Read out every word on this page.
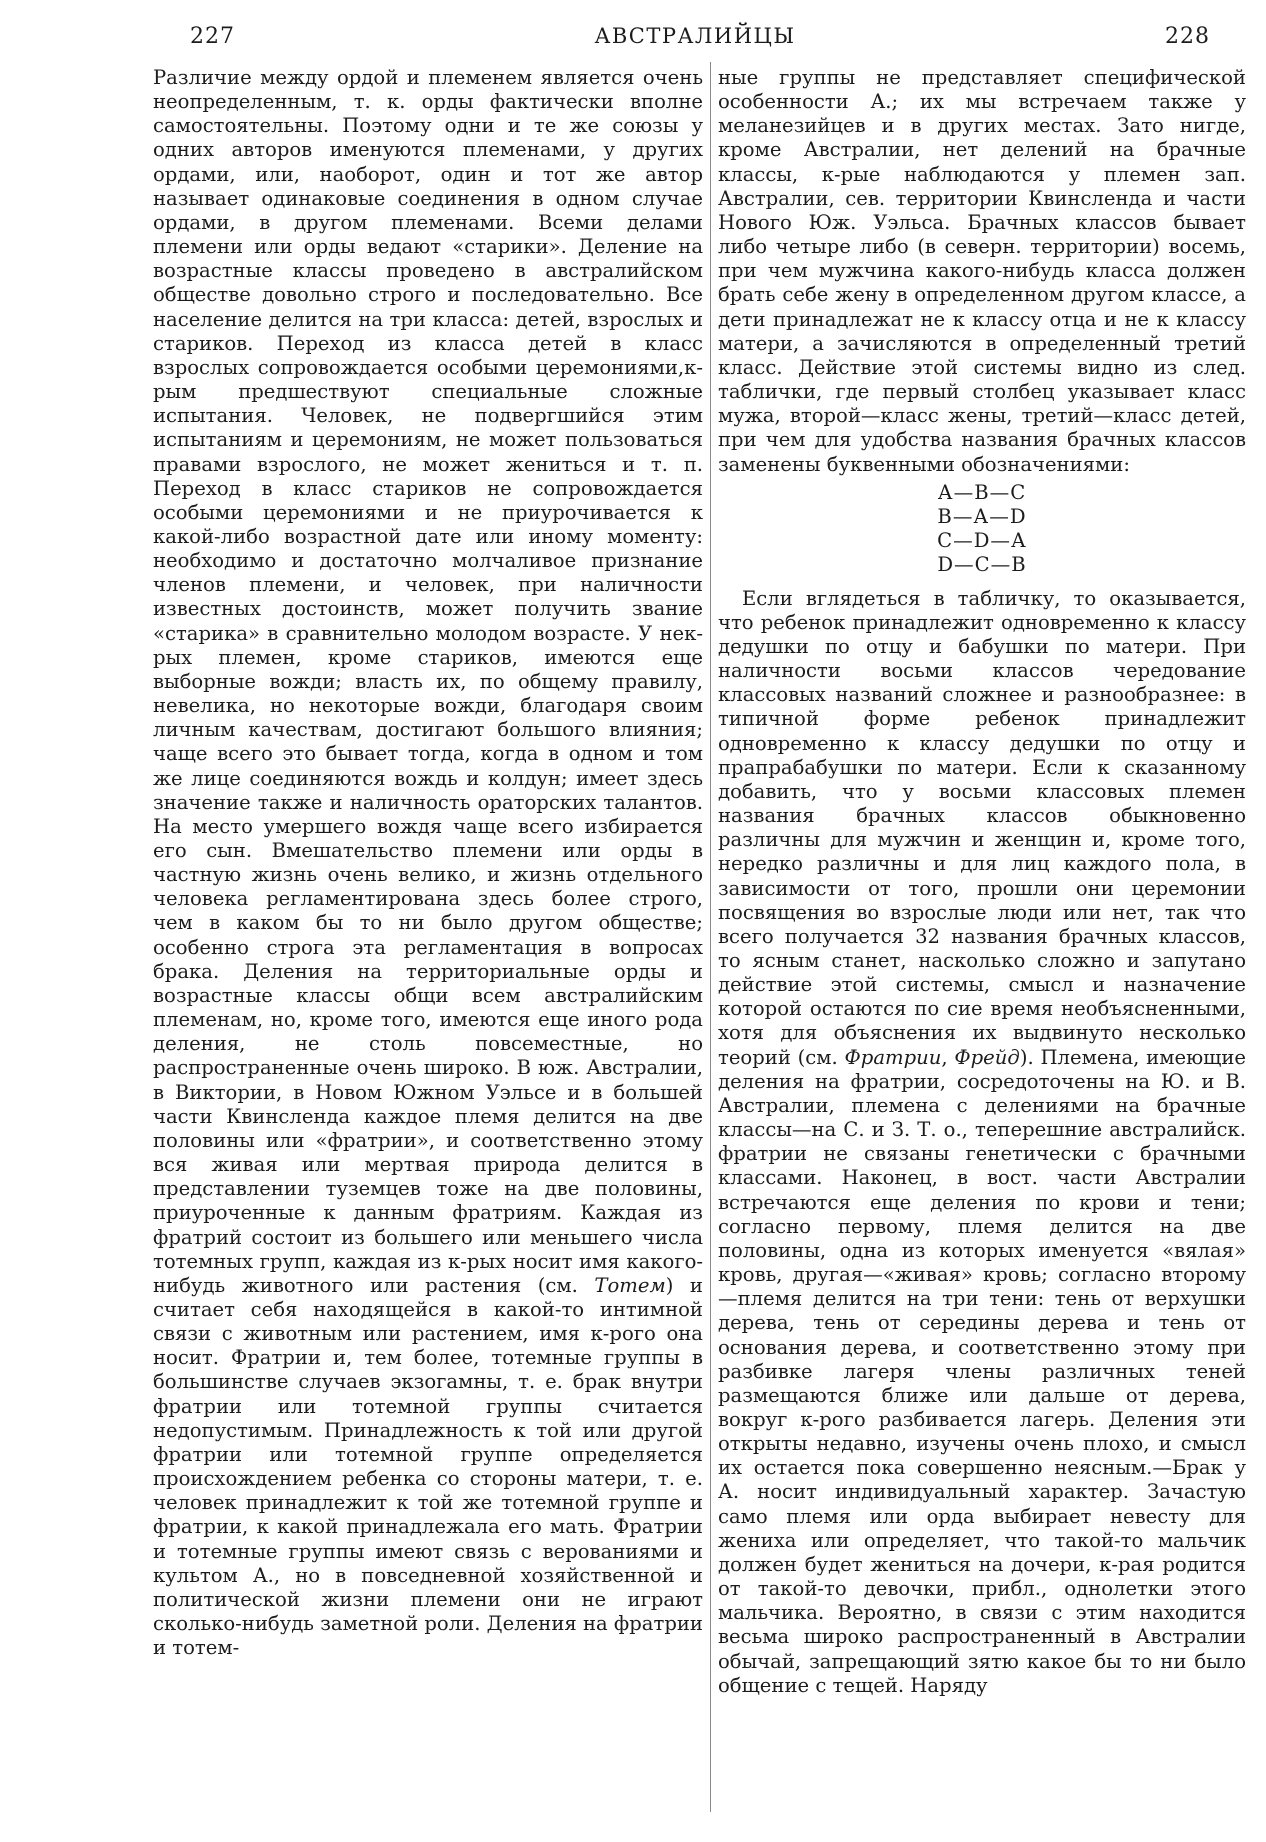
227	АВСТРАЛИЙЦЫ	228

Различие между ордой и племенем является очень неопределенным, т. к. орды фактически вполне самостоятельны. Поэтому одни и те же союзы у одних авторов именуются племенами, у других ордами, или, наоборот, один и тот же автор называет одинаковые соединения в одном случае ордами, в другом племенами. Всеми делами племени или орды ведают «старики». Деление на возрастные классы проведено в австралийском обществе довольно строго и последовательно. Все население делится на три класса: детей, взрослых и стариков. Переход из класса детей в класс взрослых сопровождается особыми церемониями,к-рым предшествуют специальные сложные испытания. Человек, не подвергшийся этим испытаниям и церемониям, не может пользоваться правами взрослого, не может жениться и т. п. Переход в класс стариков не сопровождается особыми церемониями и не приурочивается к какой-либо возрастной дате или иному моменту: необходимо и достаточно молчаливое признание членов племени, и человек, при наличности известных достоинств, может получить звание «старика» в сравнительно молодом возрасте. У нек-рых племен, кроме стариков, имеются еще выборные вожди; власть их, по общему правилу, невелика, но некоторые вожди, благодаря своим личным качествам, достигают большого влияния; чаще всего это бывает тогда, когда в одном и том же лице соединяются вождь и колдун; имеет здесь значение также и наличность ораторских талантов. На место умершего вождя чаще всего избирается его сын. Вмешательство племени или орды в частную жизнь очень велико, и жизнь отдельного человека регламентирована здесь более строго, чем в каком бы то ни было другом обществе; особенно строга эта регламентация в вопросах брака. Деления на территориальные орды и возрастные классы общи всем австралийским племенам, но, кроме того, имеются еще иного рода деления, не столь повсеместные, но распространенные очень широко. В юж. Австралии, в Виктории, в Новом Южном Уэльсе и в большей части Квинсленда каждое племя делится на две половины или «фратрии», и соответственно этому вся живая или мертвая природа делится в представлении туземцев тоже на две половины, приуроченные к данным фратриям. Каждая из фратрий состоит из большего или меньшего числа тотемных групп, каждая из к-рых носит имя какого-нибудь животного или растения (см. Тотем) и считает себя находящейся в какой-то интимной связи с животным или растением, имя к-рого она носит. Фратрии и, тем более, тотемные группы в большинстве случаев экзогамны, т. е. брак внутри фратрии или тотемной группы считается недопустимым. Принадлежность к той или другой фратрии или тотемной группе определяется происхождением ребенка со стороны матери, т. е. человек принадлежит к той же тотемной группе и фратрии, к какой принадлежала его мать. Фратрии и тотемные группы имеют связь с верованиями и культом А., но в повседневной хозяйственной и политической жизни племени они не играют сколько-нибудь заметной роли. Деления на фратрии и тотем-

ные группы не представляет специфической особенности А.; их мы встречаем также у меланезийцев и в других местах. Зато нигде, кроме Австралии, нет делений на брачные классы, к-рые наблюдаются у племен зап. Австралии, сев. территории Квинсленда и части Нового Юж. Уэльса. Брачных классов бывает либо четыре либо (в северн. территории) восемь, при чем мужчина какого-нибудь класса должен брать себе жену в определенном другом классе, а дети принадлежат не к классу отца и не к классу матери, а зачисляются в определенный третий класс. Действие этой системы видно из след. таблички, где первый столбец указывает класс мужа, второй—класс жены, третий—класс детей, при чем для удобства названия брачных классов заменены буквенными обозначениями:

А—В—С
В—А—D
С—D—А
D—С—В

Если вглядеться в табличку, то оказывается, что ребенок принадлежит одновременно к классу дедушки по отцу и бабушки по матери. При наличности восьми классов чередование классовых названий сложнее и разнообразнее: в типичной форме ребенок принадлежит одновременно к классу дедушки по отцу и прапрабабушки по матери. Если к сказанному добавить, что у восьми классовых племен названия брачных классов обыкновенно различны для мужчин и женщин и, кроме того, нередко различны и для лиц каждого пола, в зависимости от того, прошли они церемонии посвящения во взрослые люди или нет, так что всего получается 32 названия брачных классов, то ясным станет, насколько сложно и запутано действие этой системы, смысл и назначение которой остаются по сие время необъясненными, хотя для объяснения их выдвинуто несколько теорий (см. Фратрии, Фрейд). Племена, имеющие деления на фратрии, сосредоточены на Ю. и В. Австралии, племена с делениями на брачные классы—на С. и З. Т. о., теперешние австралийск. фратрии не связаны генетически с брачными классами. Наконец, в вост. части Австралии встречаются еще деления по крови и тени; согласно первому, племя делится на две половины, одна из которых именуется «вялая» кровь, другая—«живая» кровь; согласно второму—племя делится на три тени: тень от верхушки дерева, тень от середины дерева и тень от основания дерева, и соответственно этому при разбивке лагеря члены различных теней размещаются ближе или дальше от дерева, вокруг к-рого разбивается лагерь. Деления эти открыты недавно, изучены очень плохо, и смысл их остается пока совершенно неясным.—Брак у А. носит индивидуальный характер. Зачастую само племя или орда выбирает невесту для жениха или определяет, что такой-то мальчик должен будет жениться на дочери, к-рая родится от такой-то девочки, прибл., однолетки этого мальчика. Вероятно, в связи с этим находится весьма широко распространенный в Австралии обычай, запрещающий зятю какое бы то ни было общение с тещей. Наряду
